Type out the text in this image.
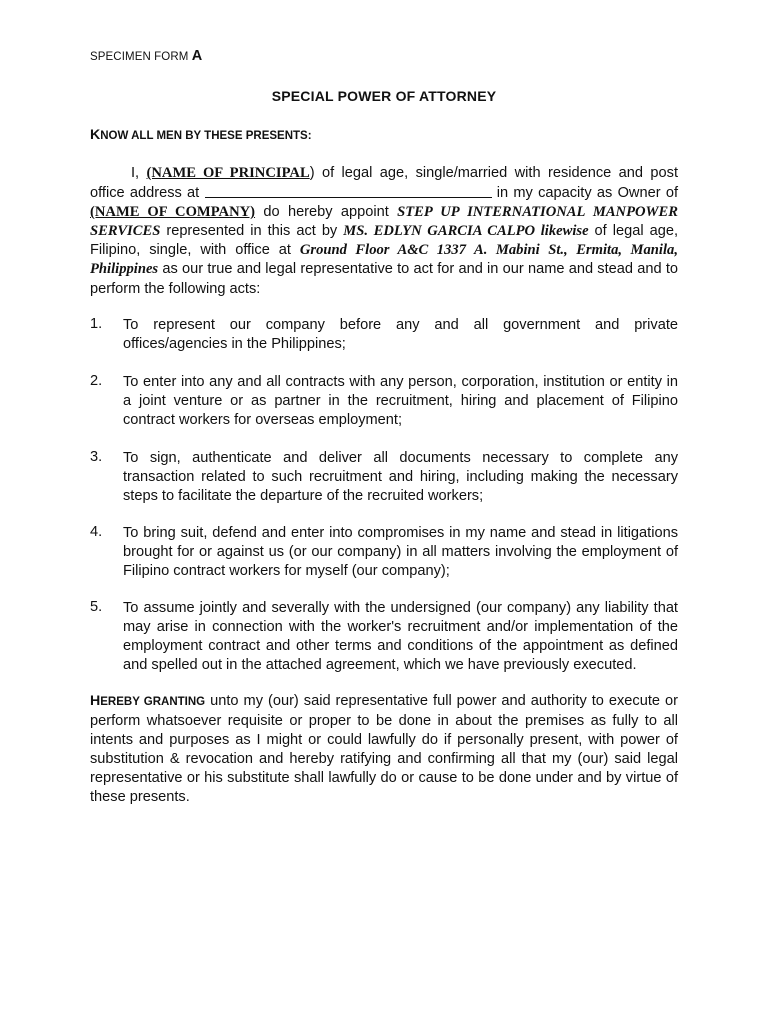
SPECIMEN FORM A
SPECIAL POWER OF ATTORNEY
KNOW ALL MEN BY THESE PRESENTS:
I, (NAME OF PRINCIPAL) of legal age, single/married with residence and post office address at	in my capacity as Owner of (NAME OF COMPANY) do hereby appoint STEP UP INTERNATIONAL MANPOWER SERVICES represented in this act by MS. EDLYN GARCIA CALPO likewise of legal age, Filipino, single, with office at Ground Floor A&C 1337 A. Mabini St., Ermita, Manila, Philippines as our true and legal representative to act for and in our name and stead and to perform the following acts:
1. To represent our company before any and all government and private offices/agencies in the Philippines;
2. To enter into any and all contracts with any person, corporation, institution or entity in a joint venture or as partner in the recruitment, hiring and placement of Filipino contract workers for overseas employment;
3. To sign, authenticate and deliver all documents necessary to complete any transaction related to such recruitment and hiring, including making the necessary steps to facilitate the departure of the recruited workers;
4. To bring suit, defend and enter into compromises in my name and stead in litigations brought for or against us (or our company) in all matters involving the employment of Filipino contract workers for myself (our company);
5. To assume jointly and severally with the undersigned (our company) any liability that may arise in connection with the worker's recruitment and/or implementation of the employment contract and other terms and conditions of the appointment as defined and spelled out in the attached agreement, which we have previously executed.
HEREBY GRANTING unto my (our) said representative full power and authority to execute or perform whatsoever requisite or proper to be done in about the premises as fully to all intents and purposes as I might or could lawfully do if personally present, with power of substitution & revocation and hereby ratifying and confirming all that my (our) said legal representative or his substitute shall lawfully do or cause to be done under and by virtue of these presents.
